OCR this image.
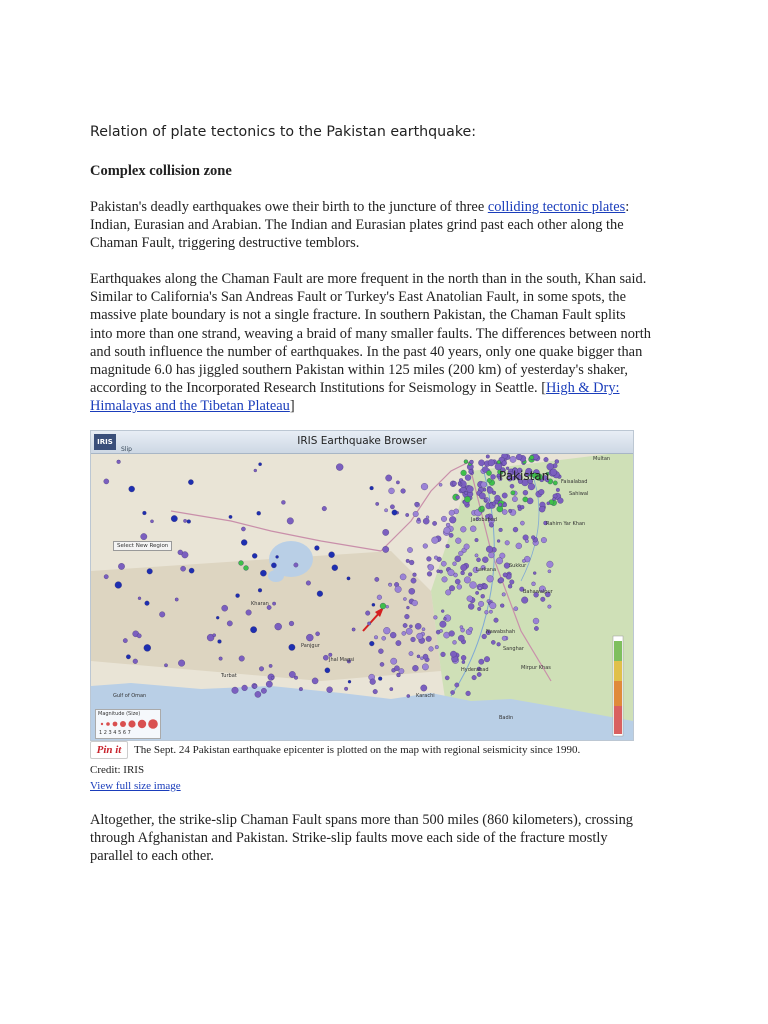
Relation of plate tectonics to the Pakistan earthquake:
Complex collision zone
Pakistan's deadly earthquakes owe their birth to the juncture of three colliding tectonic plates:
Indian, Eurasian and Arabian. The Indian and Eurasian plates grind past each other along the
Chaman Fault, triggering destructive temblors.
Earthquakes along the Chaman Fault are more frequent in the north than in the south, Khan said.
Similar to California's San Andreas Fault or Turkey's East Anatolian Fault, in some spots, the
massive plate boundary is not a single fracture. In southern Pakistan, the Chaman Fault splits
into more than one strand, weaving a braid of many smaller faults. The differences between north
and south influence the number of earthquakes. In the past 40 years, only one quake bigger than
magnitude 6.0 has jiggled southern Pakistan within 125 miles (200 km) of yesterday's shaker,
according to the Incorporated Research Institutions for Seismology in Seattle. [High & Dry:
Himalayas and the Tibetan Plateau]
IRIS
Slip
IRIS Earthquake Browser
Select New Region
Pakistan
Multan
Sahiwal
Faisalabad
Rahim Yar Khan
Jacobabad
Larkana
Hyderabad
Karachi
Sukkur
Bahawalpur
Nawabshah
Sanghar
Mirpur Khas
Badin
Gulf of Oman
Turbat
Jhal Magsi
Panjgur
Kharan
Magnitude (Size)
1 2 3 4 5 6 7
Pin it The Sept. 24 Pakistan earthquake epicenter is plotted on the map with regional seismicity since 1990.
Credit: IRIS
View full size image
Altogether, the strike-slip Chaman Fault spans more than 500 miles (860 kilometers), crossing
through Afghanistan and Pakistan. Strike-slip faults move each side of the fracture mostly
parallel to each other.
